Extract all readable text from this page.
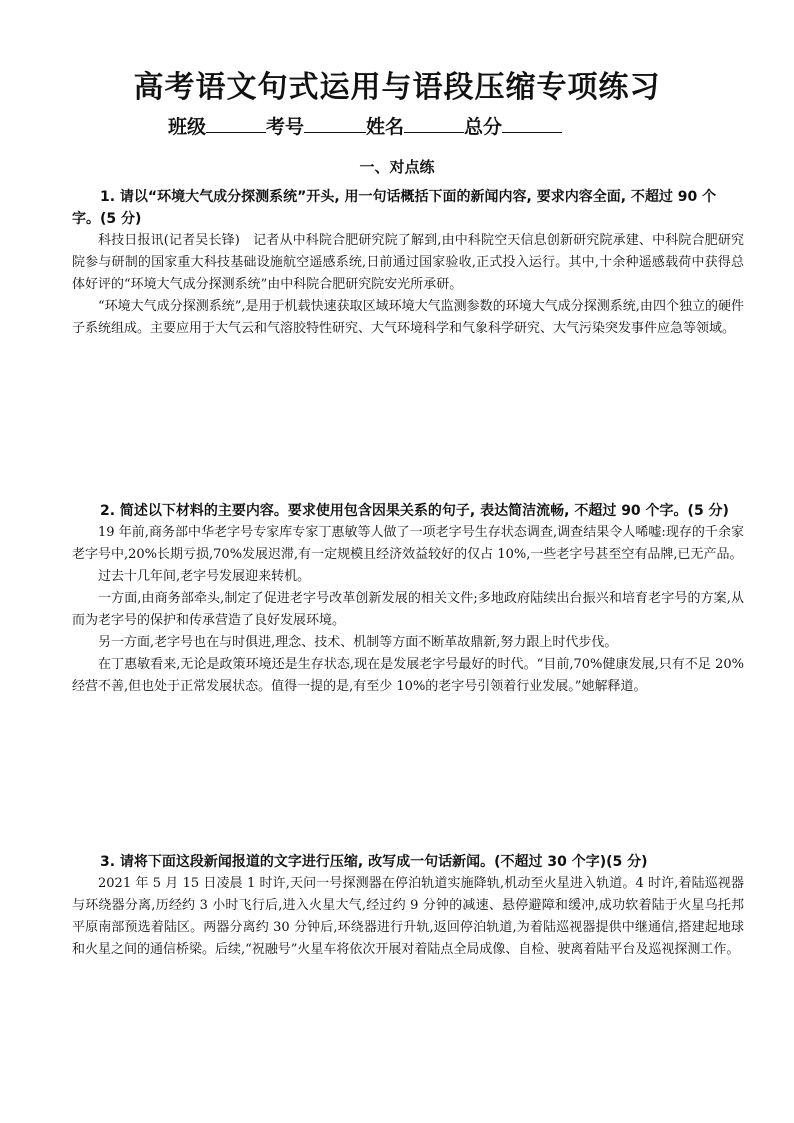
高考语文句式运用与语段压缩专项练习
班级	考号	姓名	总分
一、对点练

1. 请以“环境大气成分探测系统”开头, 用一句话概括下面的新闻内容, 要求内容全面, 不超过 90 个字。(5 分)

科技日报讯(记者吴长锋)　记者从中科院合肥研究院了解到,由中科院空天信息创新研究院承建、中科院合肥研究院参与研制的国家重大科技基础设施航空遥感系统,日前通过国家验收,正式投入运行。其中,十余种遥感载荷中获得总体好评的“环境大气成分探测系统”由中科院合肥研究院安光所承研。

“环境大气成分探测系统”,是用于机载快速获取区域环境大气监测参数的环境大气成分探测系统,由四个独立的硬件子系统组成。主要应用于大气云和气溶胶特性研究、大气环境科学和气象科学研究、大气污染突发事件应急等领域。

2. 简述以下材料的主要内容。要求使用包含因果关系的句子, 表达简洁流畅, 不超过 90 个字。(5 分)

19 年前,商务部中华老字号专家库专家丁惠敏等人做了一项老字号生存状态调查,调查结果令人唏嘘:现存的千余家老字号中,20%长期亏损,70%发展迟滞,有一定规模且经济效益较好的仅占 10%,一些老字号甚至空有品牌,已无产品。

过去十几年间,老字号发展迎来转机。

一方面,由商务部牵头,制定了促进老字号改革创新发展的相关文件;多地政府陆续出台振兴和培育老字号的方案,从而为老字号的保护和传承营造了良好发展环境。

另一方面,老字号也在与时俱进,理念、技术、机制等方面不断革故鼎新,努力跟上时代步伐。

在丁惠敏看来,无论是政策环境还是生存状态,现在是发展老字号最好的时代。“目前,70%健康发展,只有不足 20%经营不善,但也处于正常发展状态。值得一提的是,有至少 10%的老字号引领着行业发展。”她解释道。

3. 请将下面这段新闻报道的文字进行压缩, 改写成一句话新闻。(不超过 30 个字)(5 分)

2021 年 5 月 15 日凌晨 1 时许,天问一号探测器在停泊轨道实施降轨,机动至火星进入轨道。4 时许,着陆巡视器与环绕器分离,历经约 3 小时飞行后,进入火星大气,经过约 9 分钟的减速、悬停避障和缓冲,成功软着陆于火星乌托邦平原南部预选着陆区。两器分离约 30 分钟后,环绕器进行升轨,返回停泊轨道,为着陆巡视器提供中继通信,搭建起地球和火星之间的通信桥梁。后续,“祝融号”火星车将依次开展对着陆点全局成像、自检、驶离着陆平台及巡视探测工作。
